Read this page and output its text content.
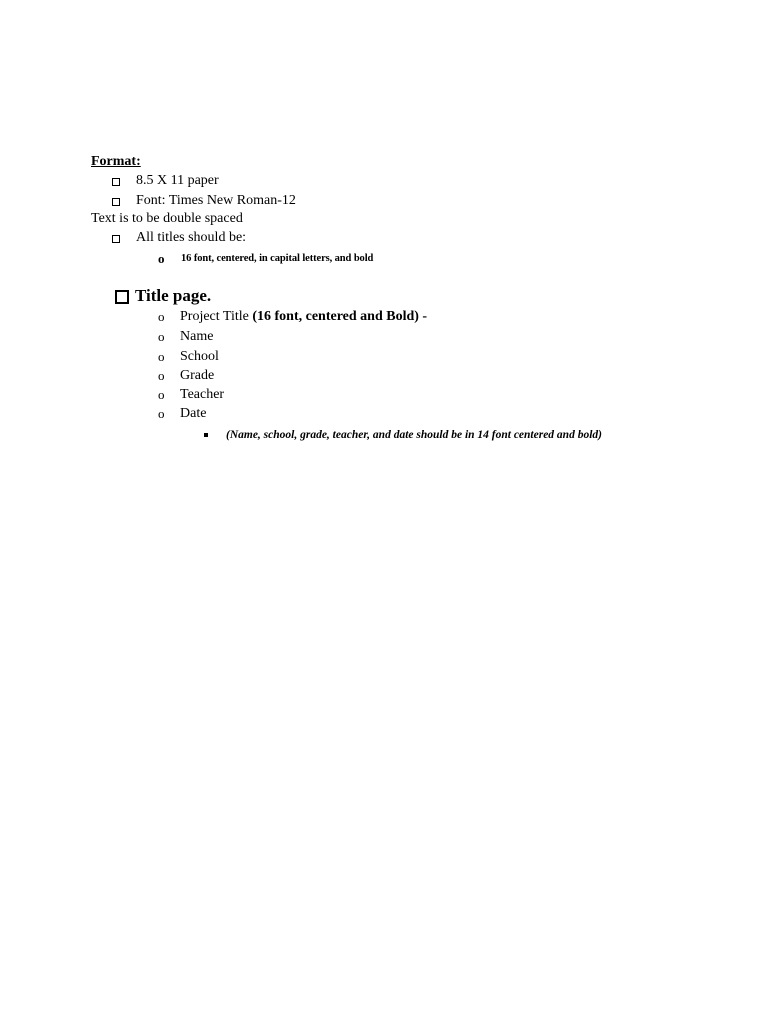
Format:
8.5 X 11 paper
Font: Times New Roman-12
Text is to be double spaced
All titles should be:
o 16 font, centered, in capital letters, and bold
Title page.
o Project Title (16 font, centered and Bold) -
o Name
o School
o Grade
o Teacher
o Date
(Name, school, grade, teacher, and date should be in 14 font centered and bold)
